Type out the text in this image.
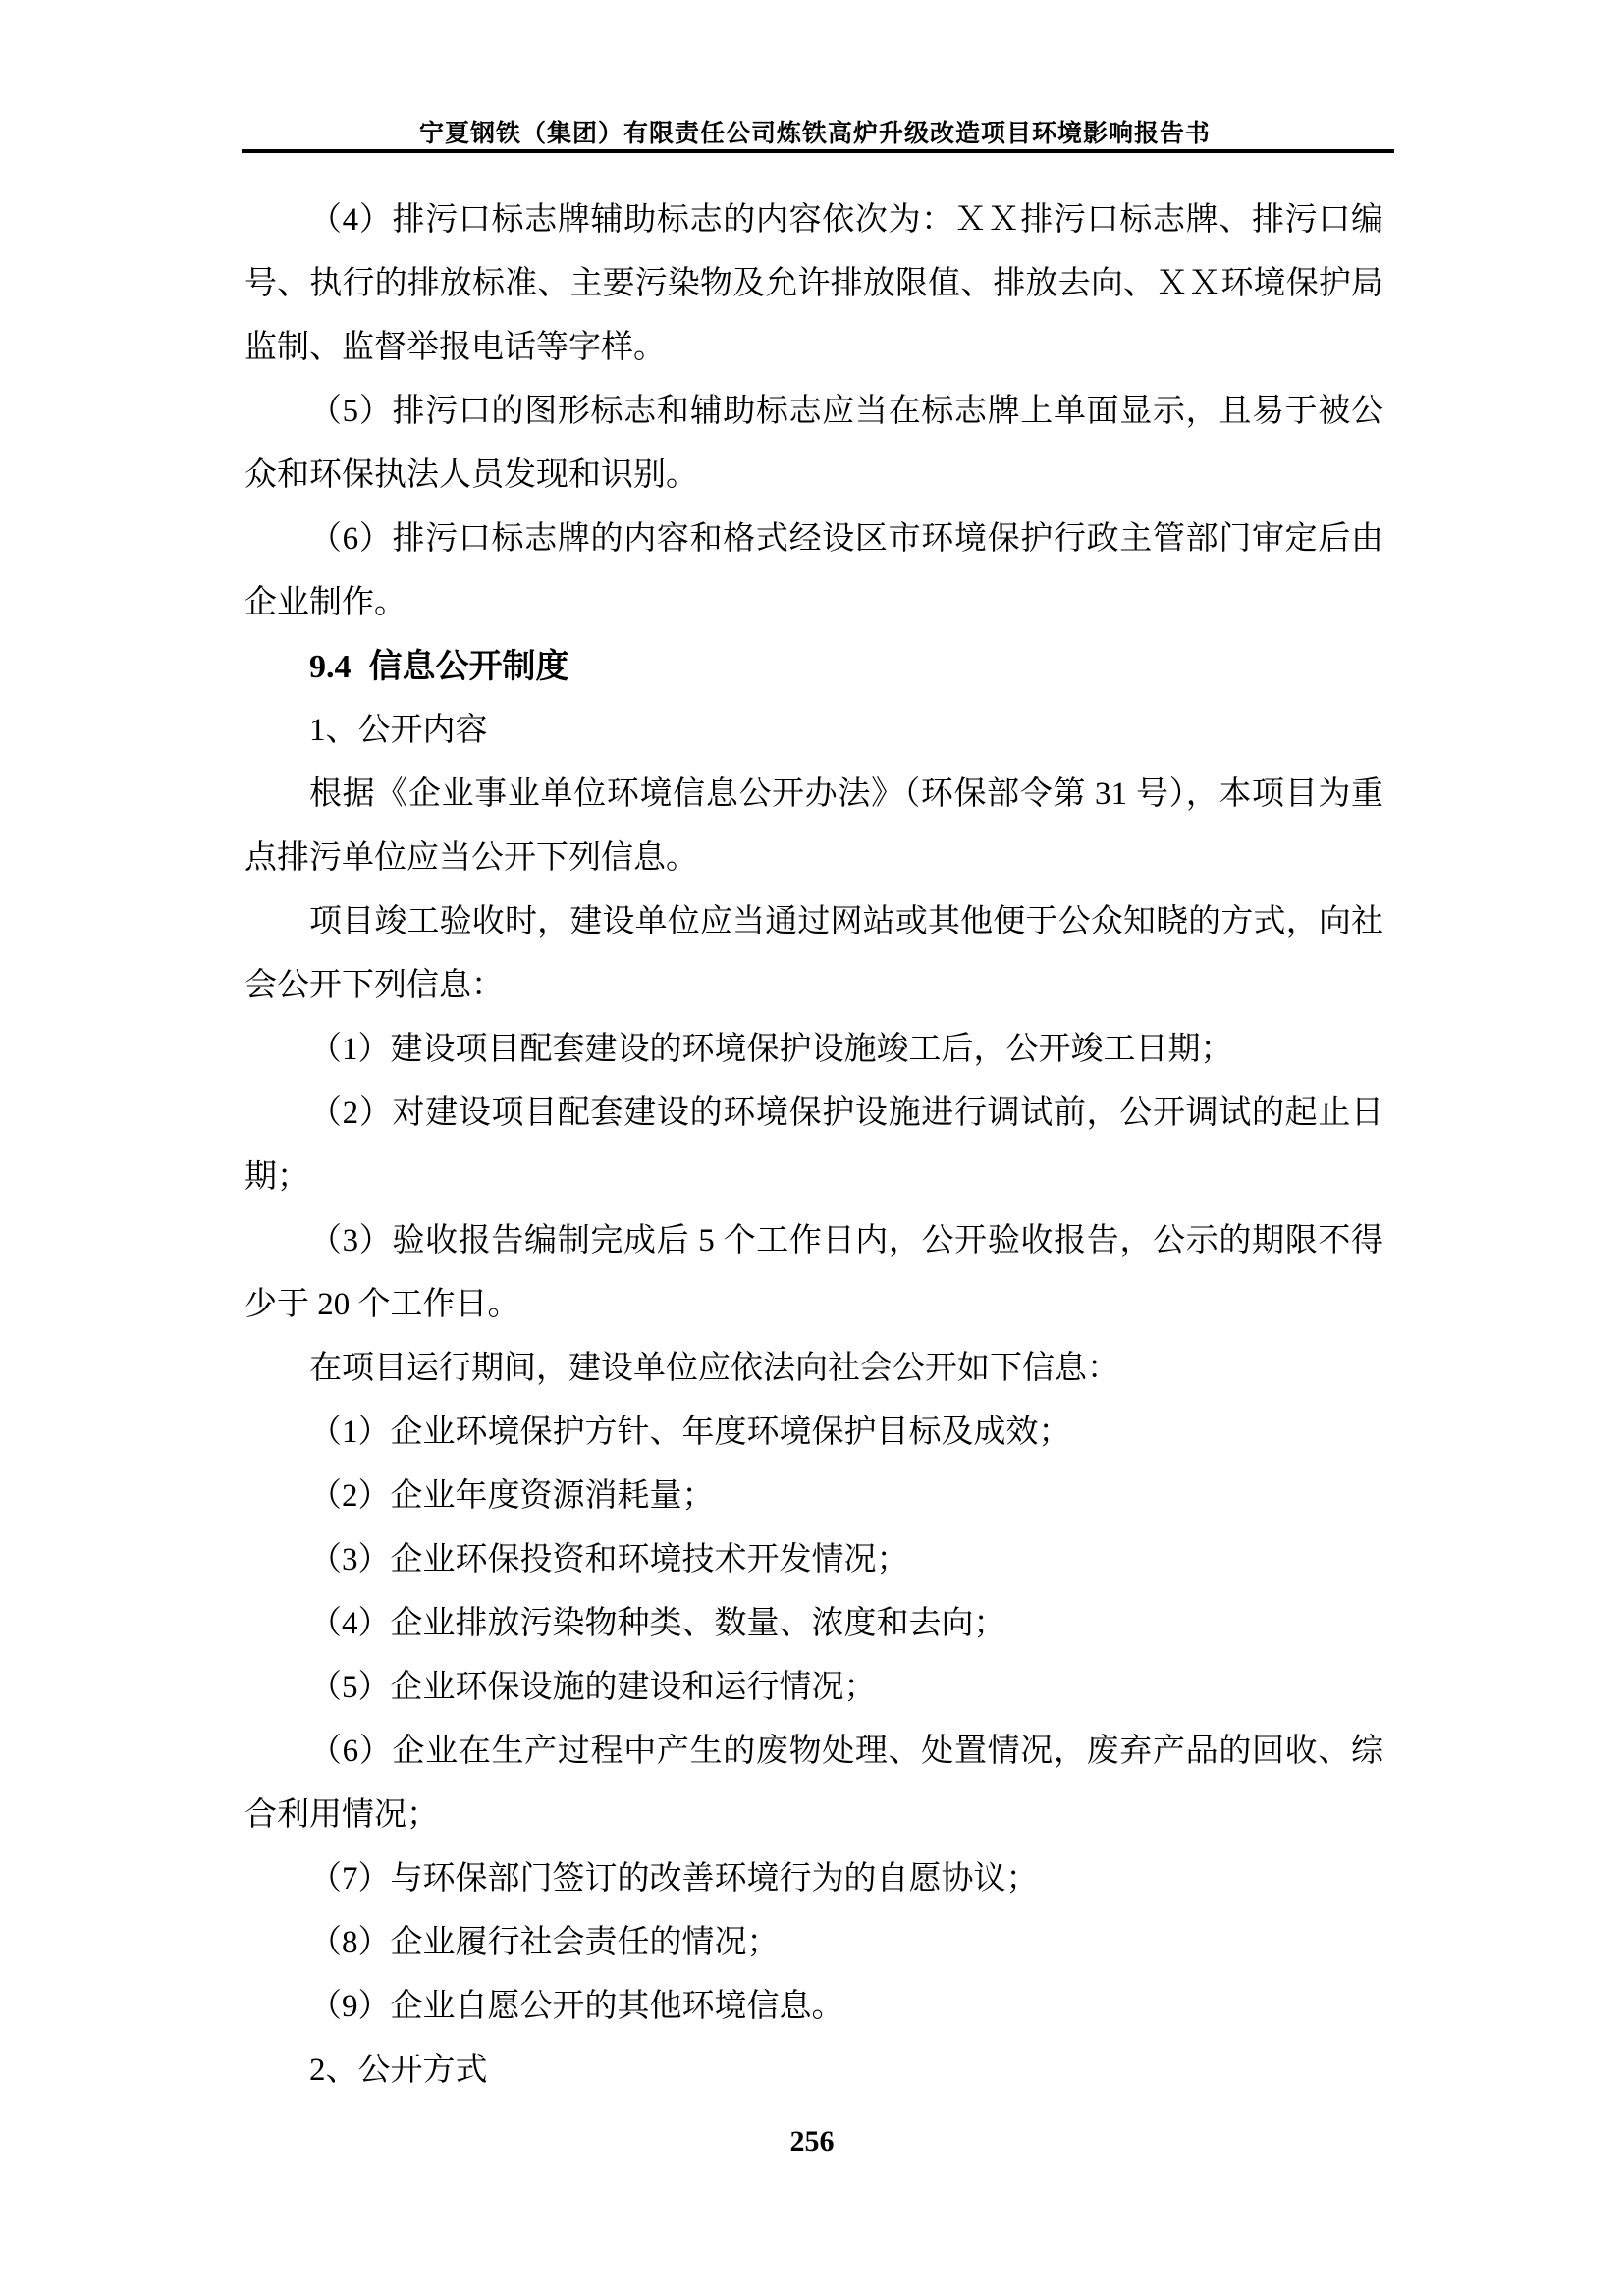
宁夏钢铁（集团）有限责任公司炼铁高炉升级改造项目环境影响报告书
（4）排污口标志牌辅助标志的内容依次为：ＸＸ排污口标志牌、排污口编
号、执行的排放标准、主要污染物及允许排放限值、排放去向、ＸＸ环境保护局
监制、监督举报电话等字样。
（5）排污口的图形标志和辅助标志应当在标志牌上单面显示，且易于被公
众和环保执法人员发现和识别。
（6）排污口标志牌的内容和格式经设区市环境保护行政主管部门审定后由
企业制作。
9.4 信息公开制度
1、公开内容
根据《企业事业单位环境信息公开办法》（环保部令第 31 号），本项目为重
点排污单位应当公开下列信息。
项目竣工验收时，建设单位应当通过网站或其他便于公众知晓的方式，向社
会公开下列信息：
（1）建设项目配套建设的环境保护设施竣工后，公开竣工日期；
（2）对建设项目配套建设的环境保护设施进行调试前，公开调试的起止日
期；
（3）验收报告编制完成后 5 个工作日内，公开验收报告，公示的期限不得
少于 20 个工作日。
在项目运行期间，建设单位应依法向社会公开如下信息：
（1）企业环境保护方针、年度环境保护目标及成效；
（2）企业年度资源消耗量；
（3）企业环保投资和环境技术开发情况；
（4）企业排放污染物种类、数量、浓度和去向；
（5）企业环保设施的建设和运行情况；
（6）企业在生产过程中产生的废物处理、处置情况，废弃产品的回收、综
合利用情况；
（7）与环保部门签订的改善环境行为的自愿协议；
（8）企业履行社会责任的情况；
（9）企业自愿公开的其他环境信息。
2、公开方式
256
